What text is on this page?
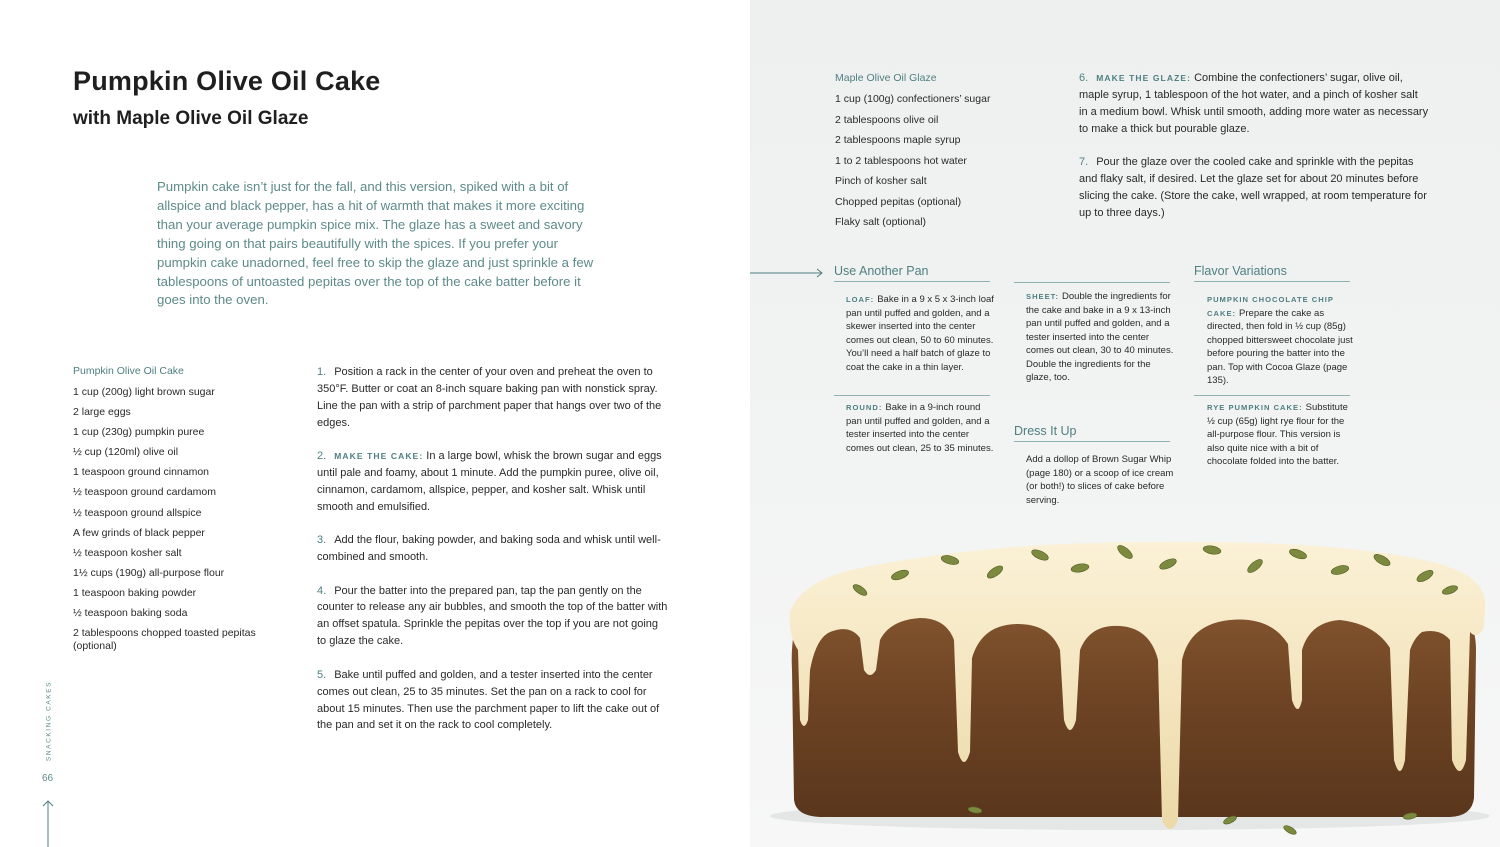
Pumpkin Olive Oil Cake
with Maple Olive Oil Glaze

Pumpkin cake isn’t just for the fall, and this version, spiked with a bit of allspice and black pepper, has a hit of warmth that makes it more exciting than your average pumpkin spice mix. The glaze has a sweet and savory thing going on that pairs beautifully with the spices. If you prefer your pumpkin cake unadorned, feel free to skip the glaze and just sprinkle a few tablespoons of untoasted pepitas over the top of the cake batter before it goes into the oven.

Pumpkin Olive Oil Cake
1 cup (200g) light brown sugar
2 large eggs
1 cup (230g) pumpkin puree
½ cup (120ml) olive oil
1 teaspoon ground cinnamon
½ teaspoon ground cardamom
½ teaspoon ground allspice
A few grinds of black pepper
½ teaspoon kosher salt
1½ cups (190g) all-purpose flour
1 teaspoon baking powder
½ teaspoon baking soda
2 tablespoons chopped toasted pepitas (optional)

1. Position a rack in the center of your oven and preheat the oven to 350°F. Butter or coat an 8-inch square baking pan with nonstick spray. Line the pan with a strip of parchment paper that hangs over two of the edges.

2. MAKE THE CAKE: In a large bowl, whisk the brown sugar and eggs until pale and foamy, about 1 minute. Add the pumpkin puree, olive oil, cinnamon, cardamom, allspice, pepper, and kosher salt. Whisk until smooth and emulsified.

3. Add the flour, baking powder, and baking soda and whisk until well-combined and smooth.

4. Pour the batter into the prepared pan, tap the pan gently on the counter to release any air bubbles, and smooth the top of the batter with an offset spatula. Sprinkle the pepitas over the top if you are not going to glaze the cake.

5. Bake until puffed and golden, and a tester inserted into the center comes out clean, 25 to 35 minutes. Set the pan on a rack to cool for about 15 minutes. Then use the parchment paper to lift the cake out of the pan and set it on the rack to cool completely.

SNACKING CAKES
66
Maple Olive Oil Glaze
1 cup (100g) confectioners’ sugar
2 tablespoons olive oil
2 tablespoons maple syrup
1 to 2 tablespoons hot water
Pinch of kosher salt
Chopped pepitas (optional)
Flaky salt (optional)

6. MAKE THE GLAZE: Combine the confectioners’ sugar, olive oil, maple syrup, 1 tablespoon of the hot water, and a pinch of kosher salt in a medium bowl. Whisk until smooth, adding more water as necessary to make a thick but pourable glaze.

7. Pour the glaze over the cooled cake and sprinkle with the pepitas and flaky salt, if desired. Let the glaze set for about 20 minutes before slicing the cake. (Store the cake, well wrapped, at room temperature for up to three days.)

Use Another Pan

LOAF: Bake in a 9 x 5 x 3-inch loaf pan until puffed and golden, and a skewer inserted into the center comes out clean, 50 to 60 minutes. You’ll need a half batch of glaze to coat the cake in a thin layer.

ROUND: Bake in a 9-inch round pan until puffed and golden, and a tester inserted into the center comes out clean, 25 to 35 minutes.

SHEET: Double the ingredients for the cake and bake in a 9 x 13-inch pan until puffed and golden, and a tester inserted into the center comes out clean, 30 to 40 minutes. Double the ingredients for the glaze, too.

Dress It Up

Add a dollop of Brown Sugar Whip (page 180) or a scoop of ice cream (or both!) to slices of cake before serving.

Flavor Variations

PUMPKIN CHOCOLATE CHIP CAKE: Prepare the cake as directed, then fold in ½ cup (85g) chopped bittersweet chocolate just before pouring the batter into the pan. Top with Cocoa Glaze (page 135).

RYE PUMPKIN CAKE: Substitute ½ cup (65g) light rye flour for the all-purpose flour. This version is also quite nice with a bit of chocolate folded into the batter.
